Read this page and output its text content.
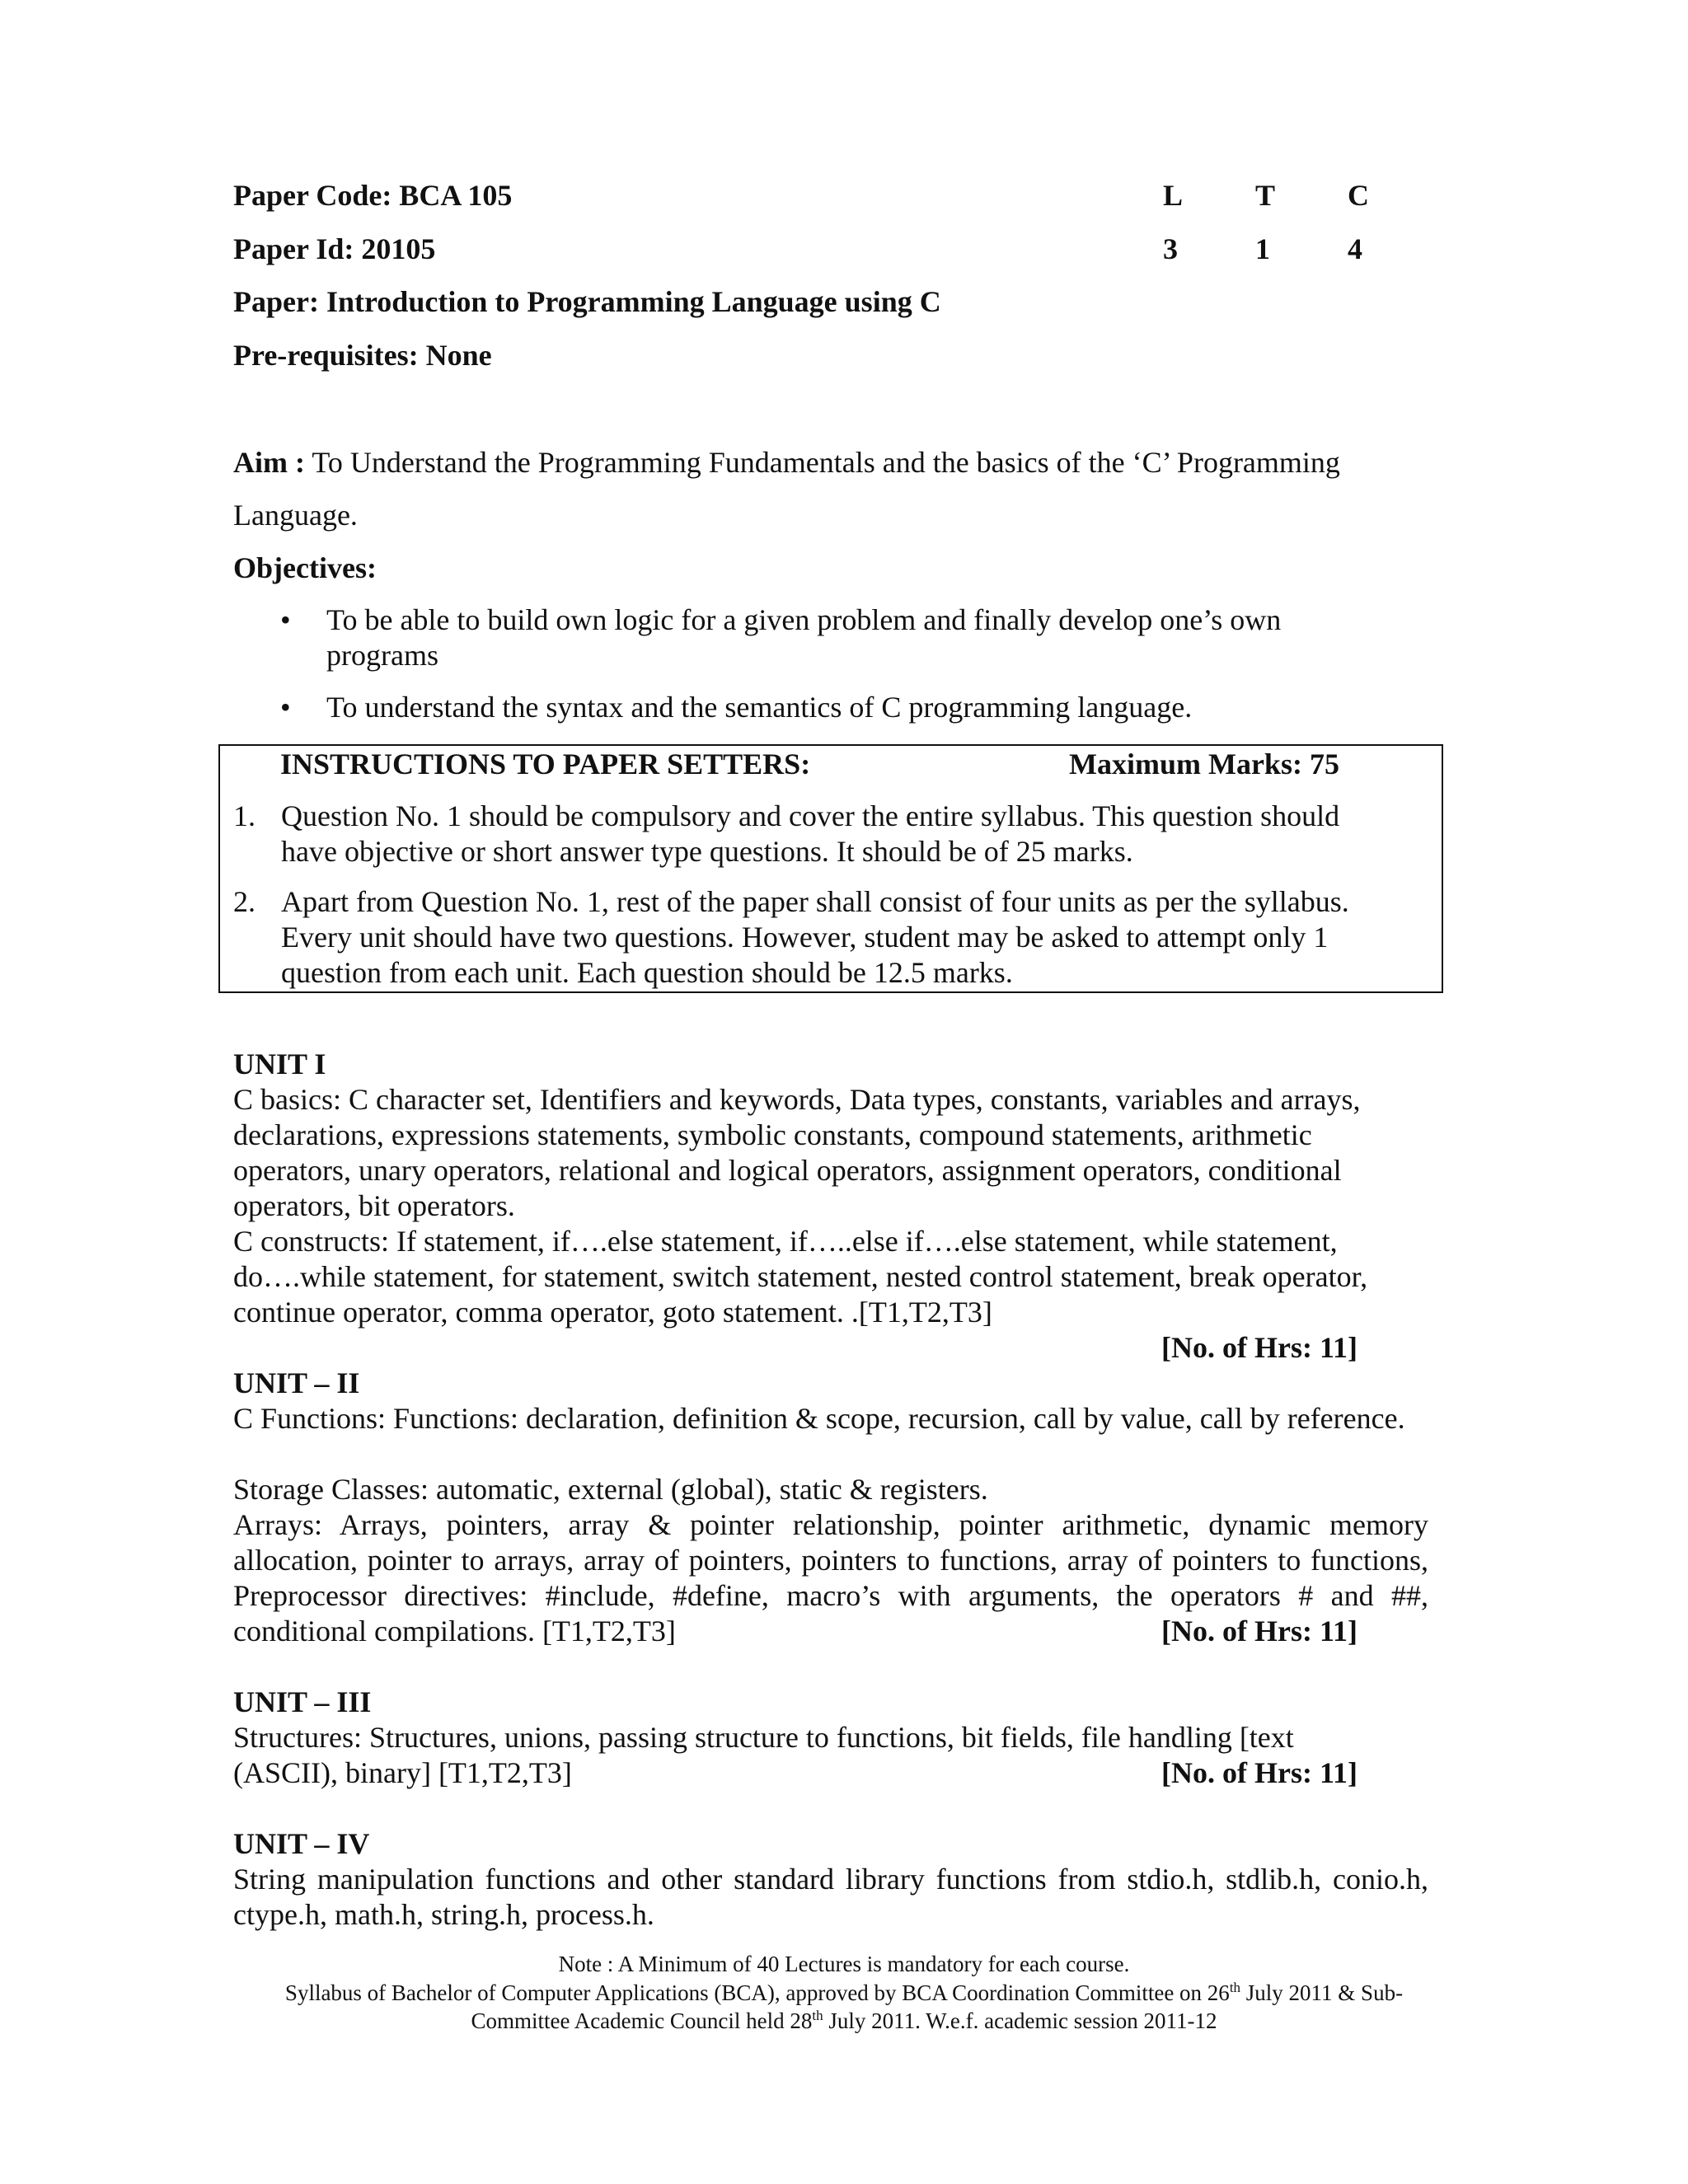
Paper Code: BCA 105	L T C
Paper Id: 20105	3	1	4
Paper: Introduction to Programming Language using C
Pre-requisites: None
Aim : To Understand the Programming Fundamentals and the basics of the ‘C’ Programming
Language.
Objectives:
• To be able to build own logic for a given problem and finally develop one’s own programs
• To understand the syntax and the semantics of C programming language.
INSTRUCTIONS TO PAPER SETTERS:	Maximum Marks: 75
1. Question No. 1 should be compulsory and cover the entire syllabus. This question should have objective or short answer type questions. It should be of 25 marks.
2. Apart from Question No. 1, rest of the paper shall consist of four units as per the syllabus. Every unit should have two questions. However, student may be asked to attempt only 1 question from each unit. Each question should be 12.5 marks.
UNIT I
C basics: C character set, Identifiers and keywords, Data types, constants, variables and arrays, declarations, expressions statements, symbolic constants, compound statements, arithmetic operators, unary operators, relational and logical operators, assignment operators, conditional operators, bit operators.
C constructs: If statement, if….else statement, if…..else if….else statement, while statement, do….while statement, for statement, switch statement, nested control statement, break operator, continue operator, comma operator, goto statement. .[T1,T2,T3]
[No. of Hrs: 11]
UNIT – II
C Functions: Functions: declaration, definition & scope, recursion, call by value, call by reference.
Storage Classes: automatic, external (global), static & registers.
Arrays: Arrays, pointers, array & pointer relationship, pointer arithmetic, dynamic memory allocation, pointer to arrays, array of pointers, pointers to functions, array of pointers to functions, Preprocessor directives: #include, #define, macro’s with arguments, the operators # and ##, conditional compilations. [T1,T2,T3]	[No. of Hrs: 11]
UNIT – III
Structures: Structures, unions, passing structure to functions, bit fields, file handling [text (ASCII), binary] [T1,T2,T3]	[No. of Hrs: 11]
UNIT – IV
String manipulation functions and other standard library functions from stdio.h, stdlib.h, conio.h, ctype.h, math.h, string.h, process.h.
Note : A Minimum of 40 Lectures is mandatory for each course.
Syllabus of Bachelor of Computer Applications (BCA), approved by BCA Coordination Committee on 26th July 2011 & Sub-
Committee Academic Council held 28th July 2011. W.e.f. academic session 2011-12
